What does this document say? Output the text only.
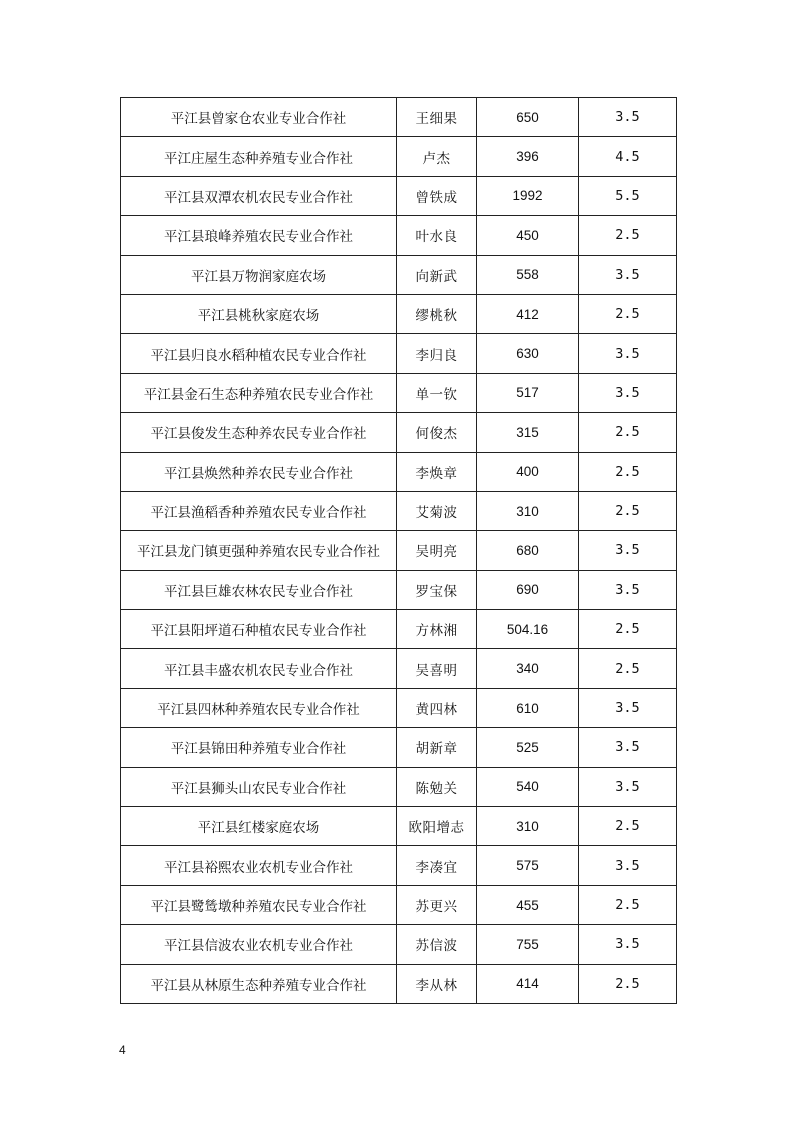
平江县曾家仓农业专业合作社	王细果	650	3.5
平江庄屋生态种养殖专业合作社	卢杰	396	4.5
平江县双潭农机农民专业合作社	曾铁成	1992	5.5
平江县琅峰养殖农民专业合作社	叶水良	450	2.5
平江县万物润家庭农场	向新武	558	3.5
平江县桃秋家庭农场	缪桃秋	412	2.5
平江县归良水稻种植农民专业合作社	李归良	630	3.5
平江县金石生态种养殖农民专业合作社	单一钦	517	3.5
平江县俊发生态种养农民专业合作社	何俊杰	315	2.5
平江县焕然种养农民专业合作社	李焕章	400	2.5
平江县渔稻香种养殖农民专业合作社	艾菊波	310	2.5
平江县龙门镇更强种养殖农民专业合作社	吴明亮	680	3.5
平江县巨雄农林农民专业合作社	罗宝保	690	3.5
平江县阳坪道石种植农民专业合作社	方林湘	504.16	2.5
平江县丰盛农机农民专业合作社	吴喜明	340	2.5
平江县四林种养殖农民专业合作社	黄四林	610	3.5
平江县锦田种养殖专业合作社	胡新章	525	3.5
平江县狮头山农民专业合作社	陈勉关	540	3.5
平江县红楼家庭农场	欧阳增志	310	2.5
平江县裕熙农业农机专业合作社	李凑宜	575	3.5
平江县鹭鸶墩种养殖农民专业合作社	苏更兴	455	2.5
平江县信波农业农机专业合作社	苏信波	755	3.5
平江县从林原生态种养殖专业合作社	李从林	414	2.5
4
